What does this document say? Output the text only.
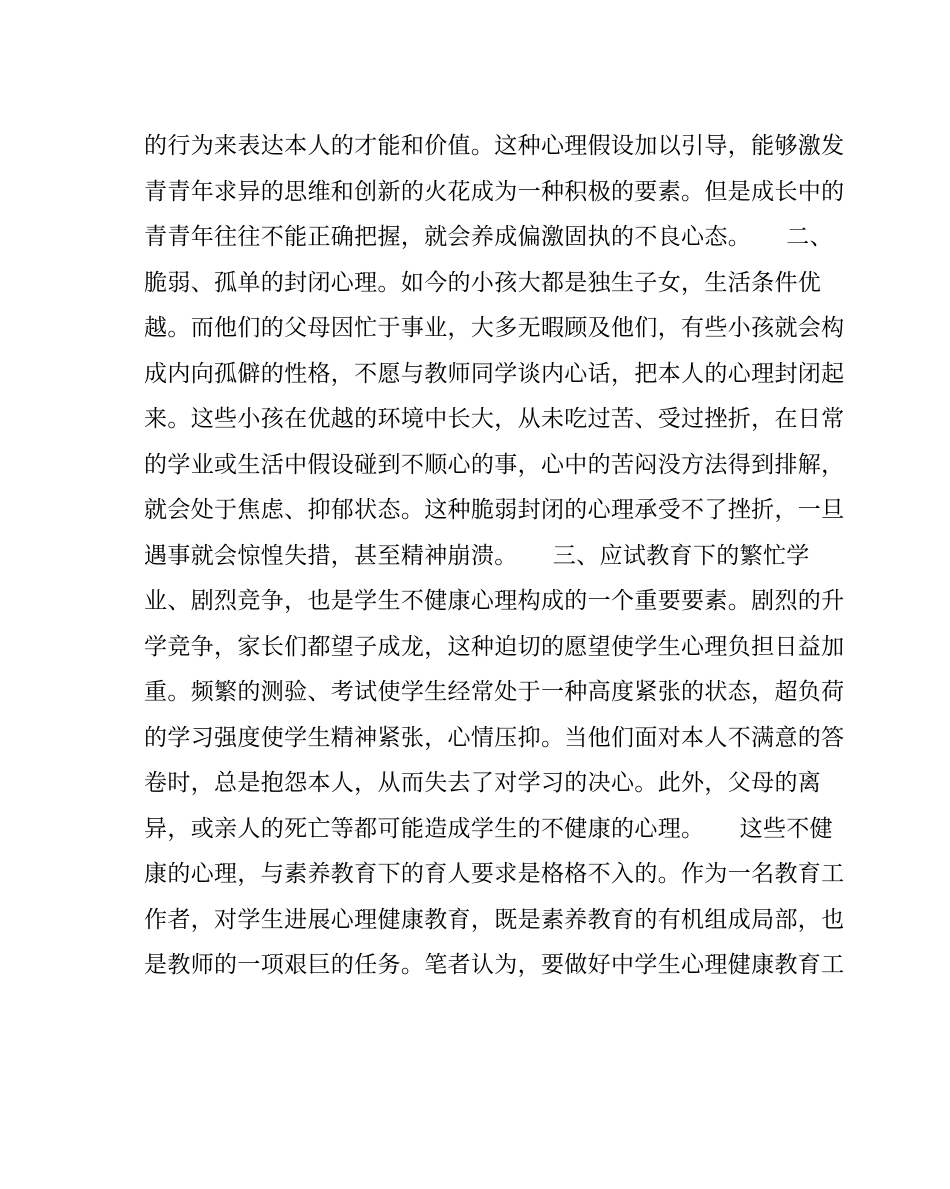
的行为来表达本人的才能和价值。这种心理假设加以引导，能够激发
青青年求异的思维和创新的火花成为一种积极的要素。但是成长中的
青青年往往不能正确把握，就会养成偏激固执的不良心态。　　二、
脆弱、孤单的封闭心理。如今的小孩大都是独生子女，生活条件优
越。而他们的父母因忙于事业，大多无暇顾及他们，有些小孩就会构
成内向孤僻的性格，不愿与教师同学谈内心话，把本人的心理封闭起
来。这些小孩在优越的环境中长大，从未吃过苦、受过挫折，在日常
的学业或生活中假设碰到不顺心的事，心中的苦闷没方法得到排解，
就会处于焦虑、抑郁状态。这种脆弱封闭的心理承受不了挫折，一旦
遇事就会惊惶失措，甚至精神崩溃。　　三、应试教育下的繁忙学
业、剧烈竞争，也是学生不健康心理构成的一个重要要素。剧烈的升
学竞争，家长们都望子成龙，这种迫切的愿望使学生心理负担日益加
重。频繁的测验、考试使学生经常处于一种高度紧张的状态，超负荷
的学习强度使学生精神紧张，心情压抑。当他们面对本人不满意的答
卷时，总是抱怨本人，从而失去了对学习的决心。此外，父母的离
异，或亲人的死亡等都可能造成学生的不健康的心理。　　这些不健
康的心理，与素养教育下的育人要求是格格不入的。作为一名教育工
作者，对学生进展心理健康教育，既是素养教育的有机组成局部，也
是教师的一项艰巨的任务。笔者认为，要做好中学生心理健康教育工
